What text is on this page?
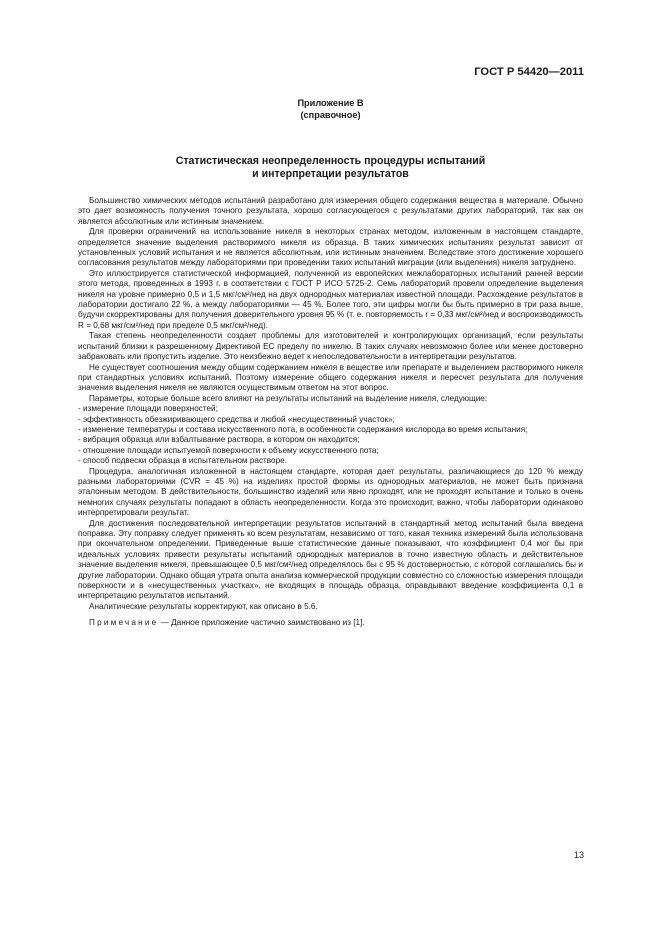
ГОСТ Р 54420—2011

Приложение В
(справочное)
Статистическая неопределенность процедуры испытаний
и интерпретации результатов

Большинство химических методов испытаний разработано для измерения общего содержания вещества в материале. Обычно это дает возможность получения точного результата, хорошо согласующегося с результатами других лабораторий, так как он является абсолютным или истинным значением.

Для проверки ограничений на использование никеля в некоторых странах методом, изложенным в настоящем стандарте, определяется значение выделения растворимого никеля из образца. В таких химических испытаниях результат зависит от установленных условий испытания и не является абсолютным, или истинным значением. Вследствие этого достижение хорошего согласования результатов между лабораториями при проведении таких испытаний миграции (или выделения) никеля затруднено.

Это иллюстрируется статистической информацией, полученной из европейских межлабораторных испытаний ранней версии этого метода, проведенных в 1993 г. в соответствии с ГОСТ Р ИСО 5725-2. Семь лабораторий провели определение выделения никеля на уровне примерно 0,5 и 1,5 мкг/см²/нед на двух однородных материалах известной площади. Расхождение результатов в лаборатории достигало 22 %, а между лабораториями — 45 %. Более того, эти цифры могли бы быть примерно в три раза выше, будучи скорректированы для получения доверительного уровня 95 % (т. е. повторяемость r = 0,33 мкг/см²/нед и воспроизводимость R = 0,68 мкг/см²/нед при пределе 0,5 мкг/см²/нед).

Такая степень неопределенности создает проблемы для изготовителей и контролирующих организаций, если результаты испытаний близки к разрешенному Директивой ЕС пределу по никелю. В таких случаях невозможно более или менее достоверно забраковать или пропустить изделие. Это неизбежно ведет к непоследовательности в интерпретации результатов.

Не существует соотношения между общим содержанием никеля в веществе или препарате и выделением растворимого никеля при стандартных условиях испытаний. Поэтому измерение общего содержания никеля и пересчет результата для получения значения выделения никеля не являются осуществимым ответом на этот вопрос.

Параметры, которые больше всего влияют на результаты испытаний на выделение никеля, следующие:

- измерение площади поверхностей;

- эффективность обезжиривающего средства и любой «несущественный участок»;

- изменение температуры и состава искусственного пота, в особенности содержания кислорода во время испытания;

- вибрация образца или взбалтывание раствора, в котором он находится;

- отношение площади испытуемой поверхности к объему искусственного пота;

- способ подвески образца в испытательном растворе.

Процедура, аналогичная изложенной в настоящем стандарте, которая дает результаты, различающиеся до 120 % между разными лабораториями (CVR = 45 %) на изделиях простой формы из однородных материалов, не может быть признана эталонным методом. В действительности, большинство изделий или явно проходят, или не проходят испытание и только в очень немногих случаях результаты попадают в область неопределенности. Когда это происходит, важно, чтобы лаборатории одинаково интерпретировали результат.

Для достижения последовательной интерпретации результатов испытаний в стандартный метод испытаний была введена поправка. Эту поправку следует применять ко всем результатам, независимо от того, какая техника измерений была использована при окончательном определении. Приведенные выше статистические данные показывают, что коэффициент 0,4 мог бы при идеальных условиях привести результаты испытаний однородных материалов в точно известную область и действительное значение выделения никеля, превышающее 0,5 мкг/см²/нед определялось бы с 95 % достоверностью, с которой соглашались бы и другие лаборатории. Однако общая утрата опыта анализа коммерческой продукции совместно со сложностью измерения площади поверхности и в «несущественных участках», не входящих в площадь образца, оправдывают введение коэффициента 0,1 в интерпретацию результатов испытаний.

Аналитические результаты корректируют, как описано в 5.6.

Примечание — Данное приложение частично заимствовано из [1].

13
